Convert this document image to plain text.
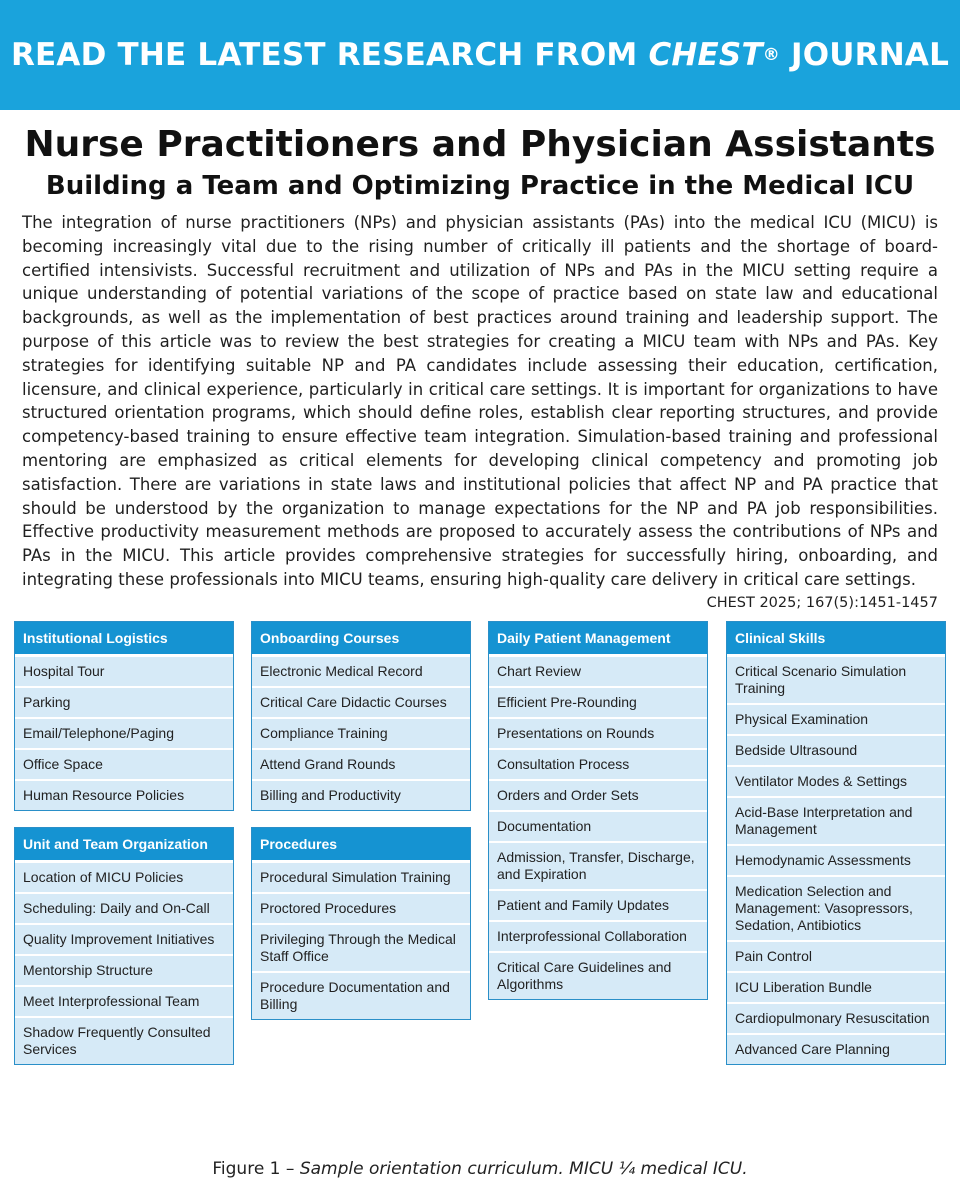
READ THE LATEST RESEARCH FROM
CHEST ®
JOURNAL
Nurse Practitioners and Physician Assistants
Building a Team and Optimizing Practice in the Medical ICU
The integration of nurse practitioners (NPs) and physician assistants (PAs) into the medical ICU (MICU) is becoming increasingly vital due to the rising number of critically ill patients and the shortage of board-certified intensivists. Successful recruitment and utilization of NPs and PAs in the MICU setting require a unique understanding of potential variations of the scope of practice based on state law and educational backgrounds, as well as the implementation of best practices around training and leadership support. The purpose of this article was to review the best strategies for creating a MICU team with NPs and PAs. Key strategies for identifying suitable NP and PA candidates include assessing their education, certification, licensure, and clinical experience, particularly in critical care settings. It is important for organizations to have structured orientation programs, which should define roles, establish clear reporting structures, and provide competency-based training to ensure effective team integration. Simulation-based training and professional mentoring are emphasized as critical elements for developing clinical competency and promoting job satisfaction. There are variations in state laws and institutional policies that affect NP and PA practice that should be understood by the organization to manage expectations for the NP and PA job responsibilities. Effective productivity measurement methods are proposed to accurately assess the contributions of NPs and PAs in the MICU. This article provides comprehensive strategies for successfully hiring, onboarding, and integrating these professionals into MICU teams, ensuring high-quality care delivery in critical care settings.
CHEST 2025; 167(5):1451-1457
Institutional Logistics
Hospital Tour
Parking
Email/Telephone/Paging
Office Space
Human Resource Policies
Unit and Team Organization
Location of MICU Policies
Scheduling: Daily and On-Call
Quality Improvement Initiatives
Mentorship Structure
Meet Interprofessional Team
Shadow Frequently Consulted Services
Onboarding Courses
Electronic Medical Record
Critical Care Didactic Courses
Compliance Training
Attend Grand Rounds
Billing and Productivity
Procedures
Procedural Simulation Training
Proctored Procedures
Privileging Through the Medical Staff Office
Procedure Documentation and Billing
Daily Patient Management
Chart Review
Efficient Pre-Rounding
Presentations on Rounds
Consultation Process
Orders and Order Sets
Documentation
Admission, Transfer, Discharge, and Expiration
Patient and Family Updates
Interprofessional Collaboration
Critical Care Guidelines and Algorithms
Clinical Skills
Critical Scenario Simulation Training
Physical Examination
Bedside Ultrasound
Ventilator Modes & Settings
Acid-Base Interpretation and Management
Hemodynamic Assessments
Medication Selection and Management: Vasopressors, Sedation, Antibiotics
Pain Control
ICU Liberation Bundle
Cardiopulmonary Resuscitation
Advanced Care Planning
Figure 1 – Sample orientation curriculum. MICU ¼ medical ICU.
